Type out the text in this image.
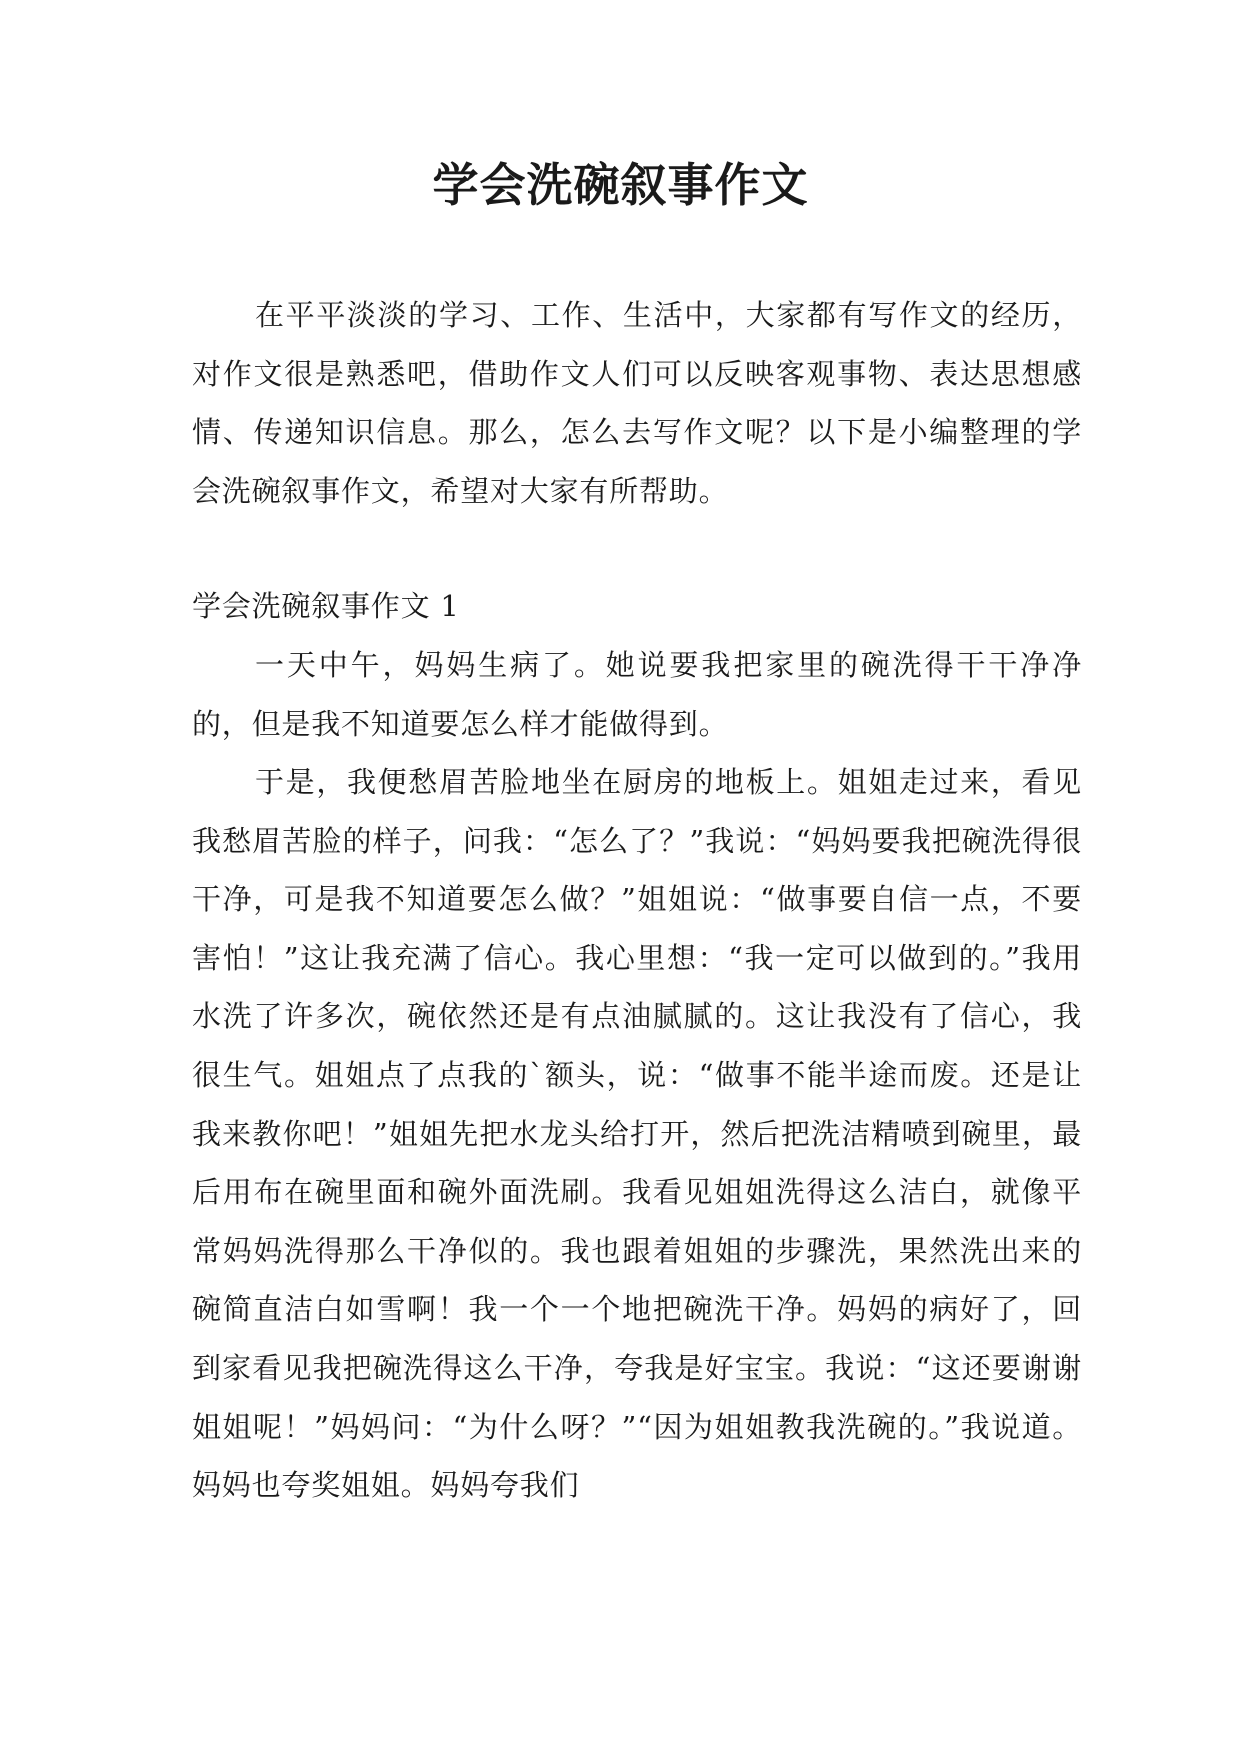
学会洗碗叙事作文

在平平淡淡的学习、工作、生活中，大家都有写作文的经历，对作文很是熟悉吧，借助作文人们可以反映客观事物、表达思想感情、传递知识信息。那么，怎么去写作文呢？以下是小编整理的学会洗碗叙事作文，希望对大家有所帮助。

学会洗碗叙事作文 1

一天中午，妈妈生病了。她说要我把家里的碗洗得干干净净的，但是我不知道要怎么样才能做得到。

于是，我便愁眉苦脸地坐在厨房的地板上。姐姐走过来，看见我愁眉苦脸的样子，问我：“怎么了？”我说：“妈妈要我把碗洗得很干净，可是我不知道要怎么做？”姐姐说：“做事要自信一点，不要害怕！”这让我充满了信心。我心里想：“我一定可以做到的。”我用水洗了许多次，碗依然还是有点油腻腻的。这让我没有了信心，我很生气。姐姐点了点我的`额头，说：“做事不能半途而废。还是让我来教你吧！”姐姐先把水龙头给打开，然后把洗洁精喷到碗里，最后用布在碗里面和碗外面洗刷。我看见姐姐洗得这么洁白，就像平常妈妈洗得那么干净似的。我也跟着姐姐的步骤洗，果然洗出来的碗简直洁白如雪啊！我一个一个地把碗洗干净。妈妈的病好了，回到家看见我把碗洗得这么干净，夸我是好宝宝。我说：“这还要谢谢姐姐呢！”妈妈问：“为什么呀？”“因为姐姐教我洗碗的。”我说道。妈妈也夸奖姐姐。妈妈夸我们
